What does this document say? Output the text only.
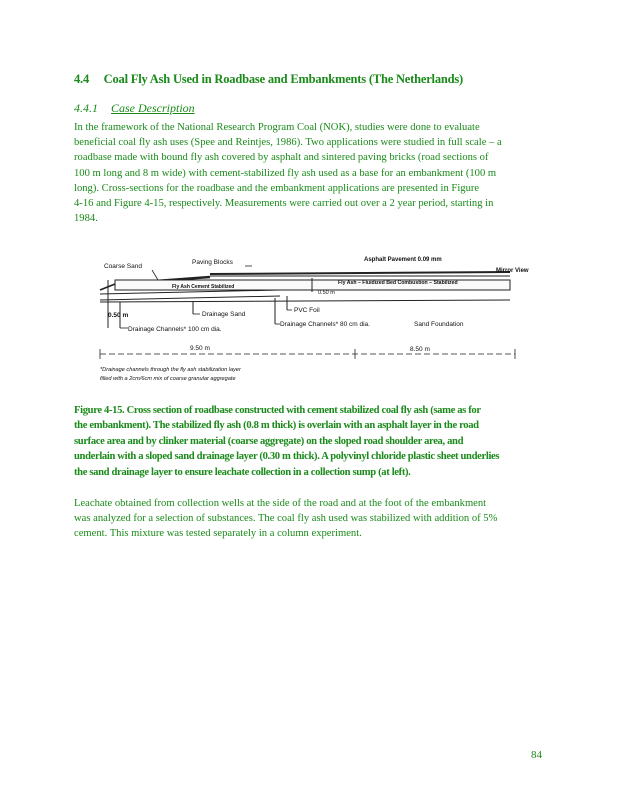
4.4 Coal Fly Ash Used in Roadbase and Embankments (The Netherlands)
4.4.1 Case Description
In the framework of the National Research Program Coal (NOK), studies were done to evaluate
beneficial coal fly ash uses (Spee and Reintjes, 1986). Two applications were studied in full scale – a
roadbase made with bound fly ash covered by asphalt and sintered paving bricks (road sections of
100 m long and 8 m wide) with cement‐stabilized fly ash used as a base for an embankment (100 m
long). Cross‐sections for the roadbase and the embankment applications are presented in Figure
4‐16 and Figure 4‐15, respectively. Measurements were carried out over a 2 year period, starting in
1984.
Coarse Sand
Paving Blocks	Asphalt Pavement 0.09 mm
Mirror View
Fly Ash Cement Stabilized
Fly Ash – Fluidized Bed Combustion – Stabilized
0.50 m
0.50 m	Drainage Sand
PVC Foil
Drainage Channels* 100 cm dia.
Drainage Channels* 80 cm dia.	Sand Foundation
9.50 m	8.50 m
*Drainage channels through the fly ash stabilization layer
filled with a 2cm/6cm mix of coarse granular aggregate
Figure 4‐15. Cross section of roadbase constructed with cement stabilized coal fly ash (same as for
the embankment). The stabilized fly ash (0.8 m thick) is overlain with an asphalt layer in the road
surface area and by clinker material (coarse aggregate) on the sloped road shoulder area, and
underlain with a sloped sand drainage layer (0.30 m thick). A polyvinyl chloride plastic sheet underlies
the sand drainage layer to ensure leachate collection in a collection sump (at left).
Leachate obtained from collection wells at the side of the road and at the foot of the embankment
was analyzed for a selection of substances. The coal fly ash used was stabilized with addition of 5%
cement. This mixture was tested separately in a column experiment.
84
